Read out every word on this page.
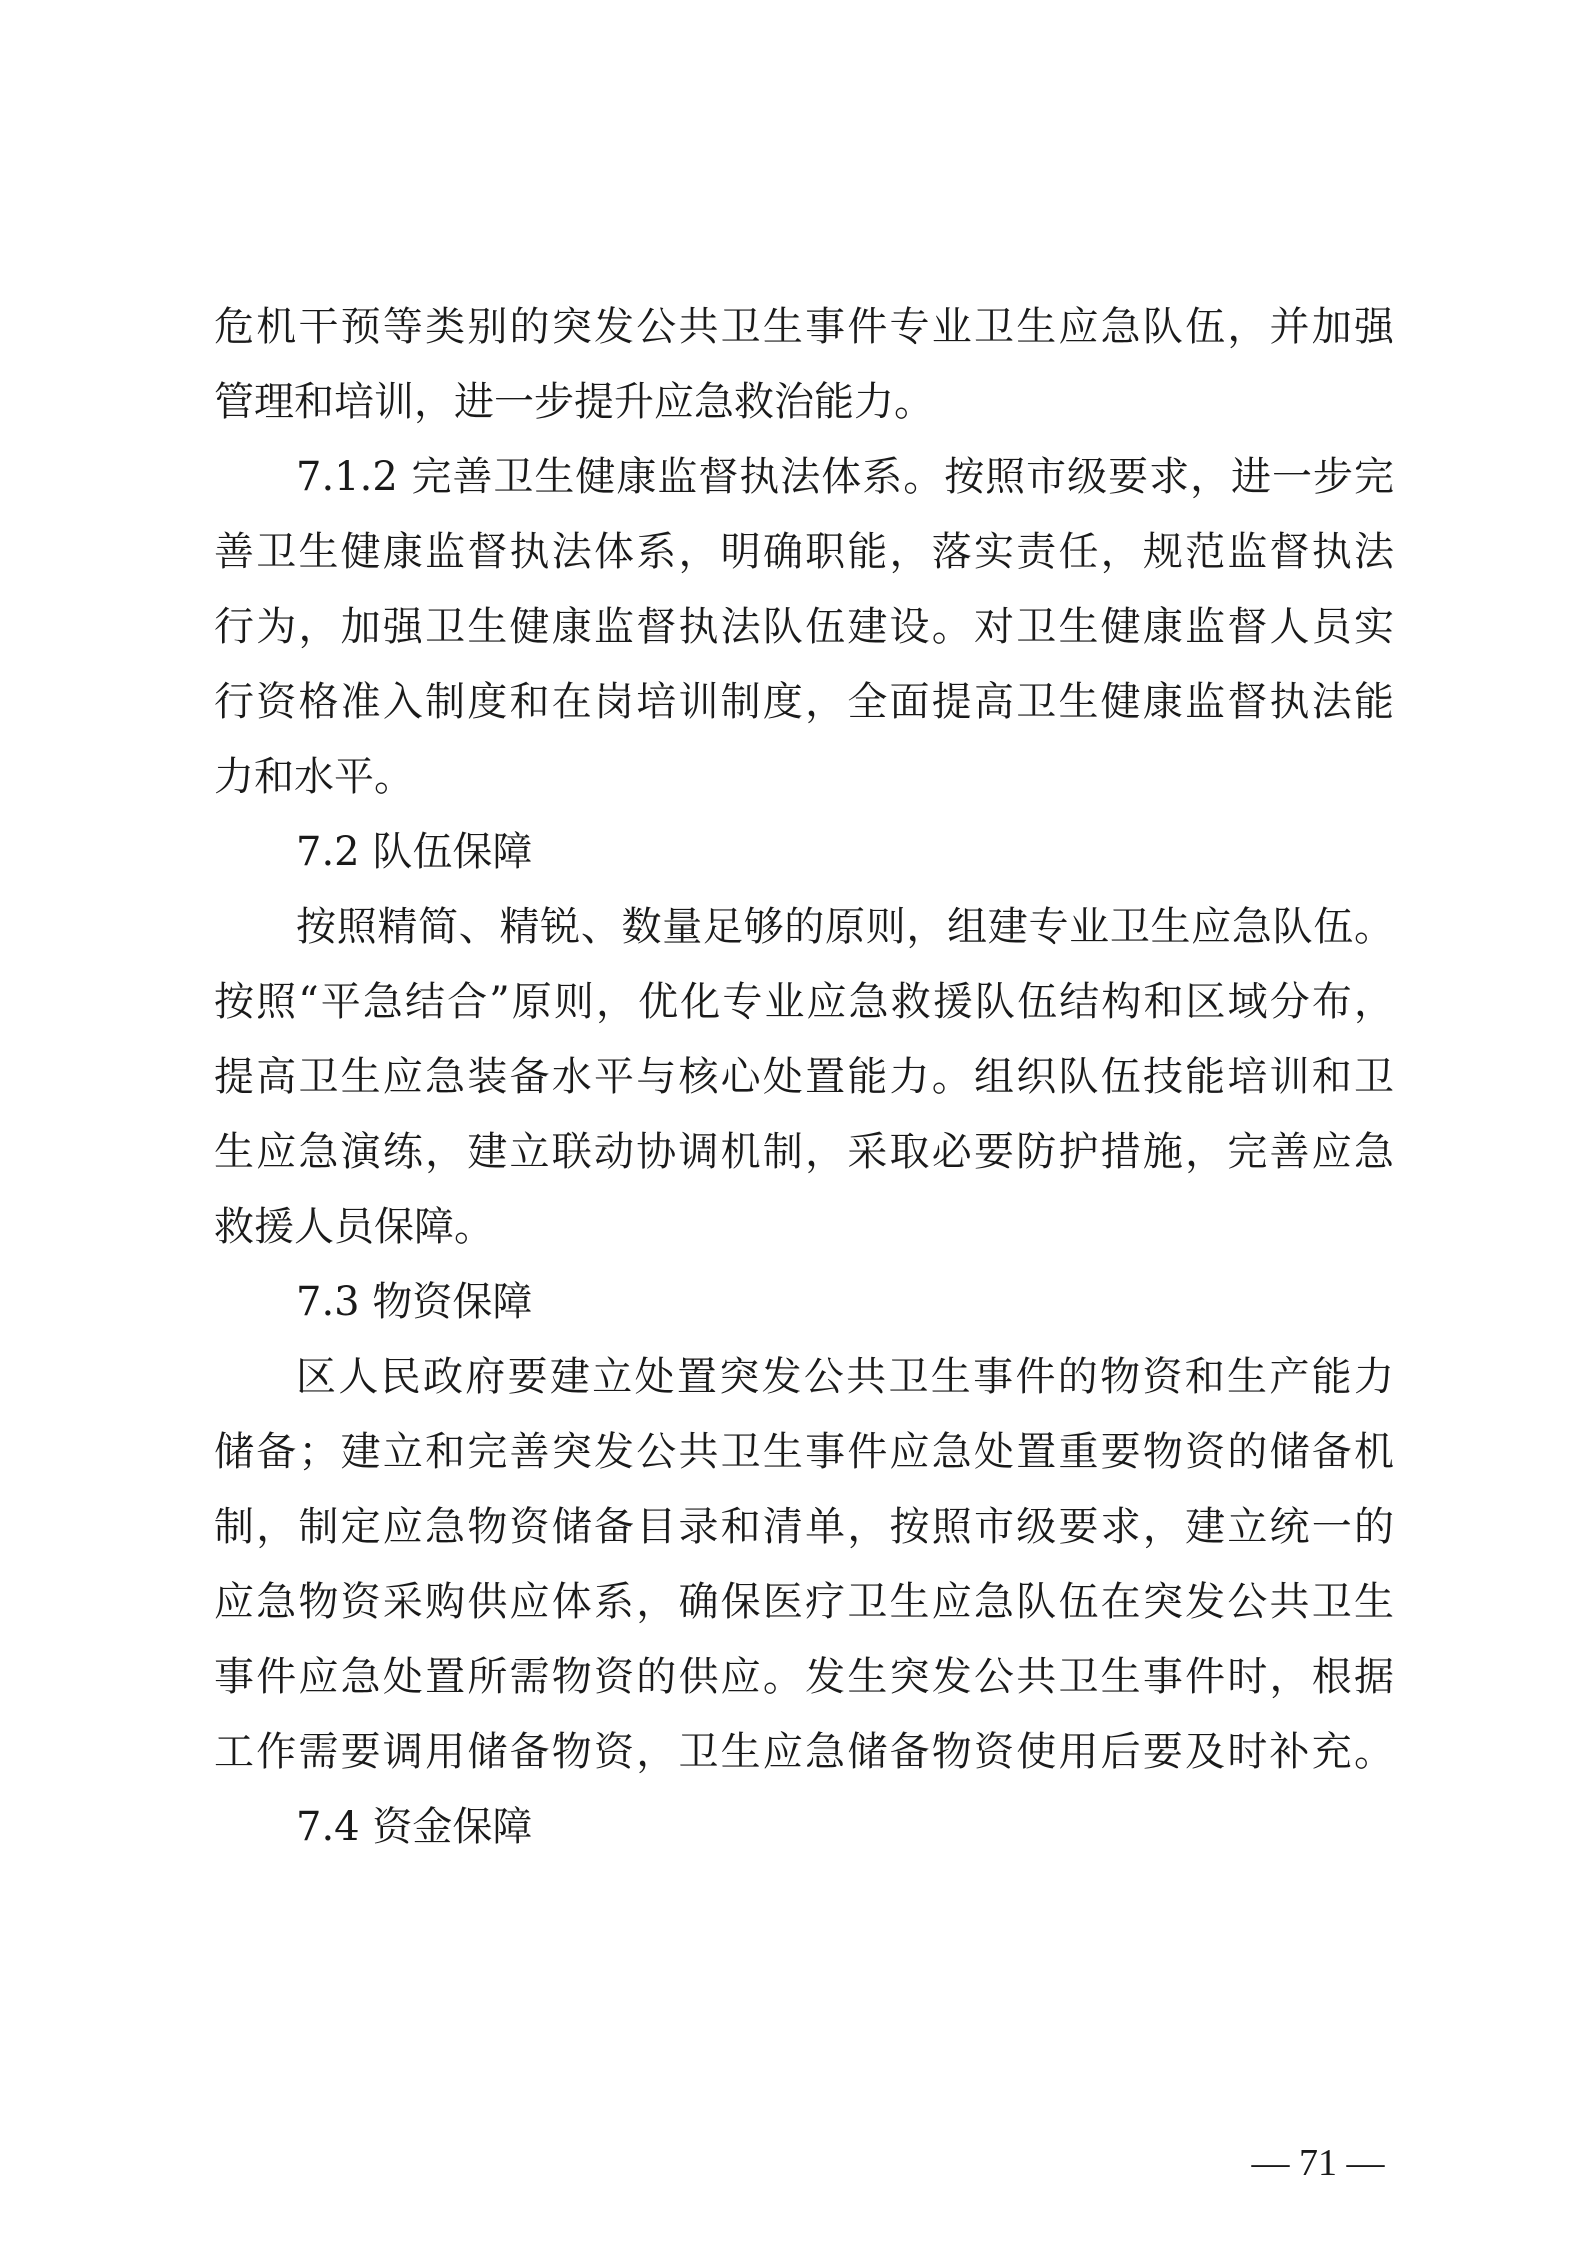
危机干预等类别的突发公共卫生事件专业卫生应急队伍，并加强
管理和培训，进一步提升应急救治能力。
7.1.2 完善卫生健康监督执法体系。按照市级要求，进一步完
善卫生健康监督执法体系，明确职能，落实责任，规范监督执法
行为，加强卫生健康监督执法队伍建设。对卫生健康监督人员实
行资格准入制度和在岗培训制度，全面提高卫生健康监督执法能
力和水平。
7.2 队伍保障
按照精简、精锐、数量足够的原则，组建专业卫生应急队伍。
按照“平急结合”原则，优化专业应急救援队伍结构和区域分布，
提高卫生应急装备水平与核心处置能力。组织队伍技能培训和卫
生应急演练，建立联动协调机制，采取必要防护措施，完善应急
救援人员保障。
7.3 物资保障
区人民政府要建立处置突发公共卫生事件的物资和生产能力
储备；建立和完善突发公共卫生事件应急处置重要物资的储备机
制，制定应急物资储备目录和清单，按照市级要求，建立统一的
应急物资采购供应体系，确保医疗卫生应急队伍在突发公共卫生
事件应急处置所需物资的供应。发生突发公共卫生事件时，根据
工作需要调用储备物资，卫生应急储备物资使用后要及时补充。
7.4 资金保障
— 71 —
